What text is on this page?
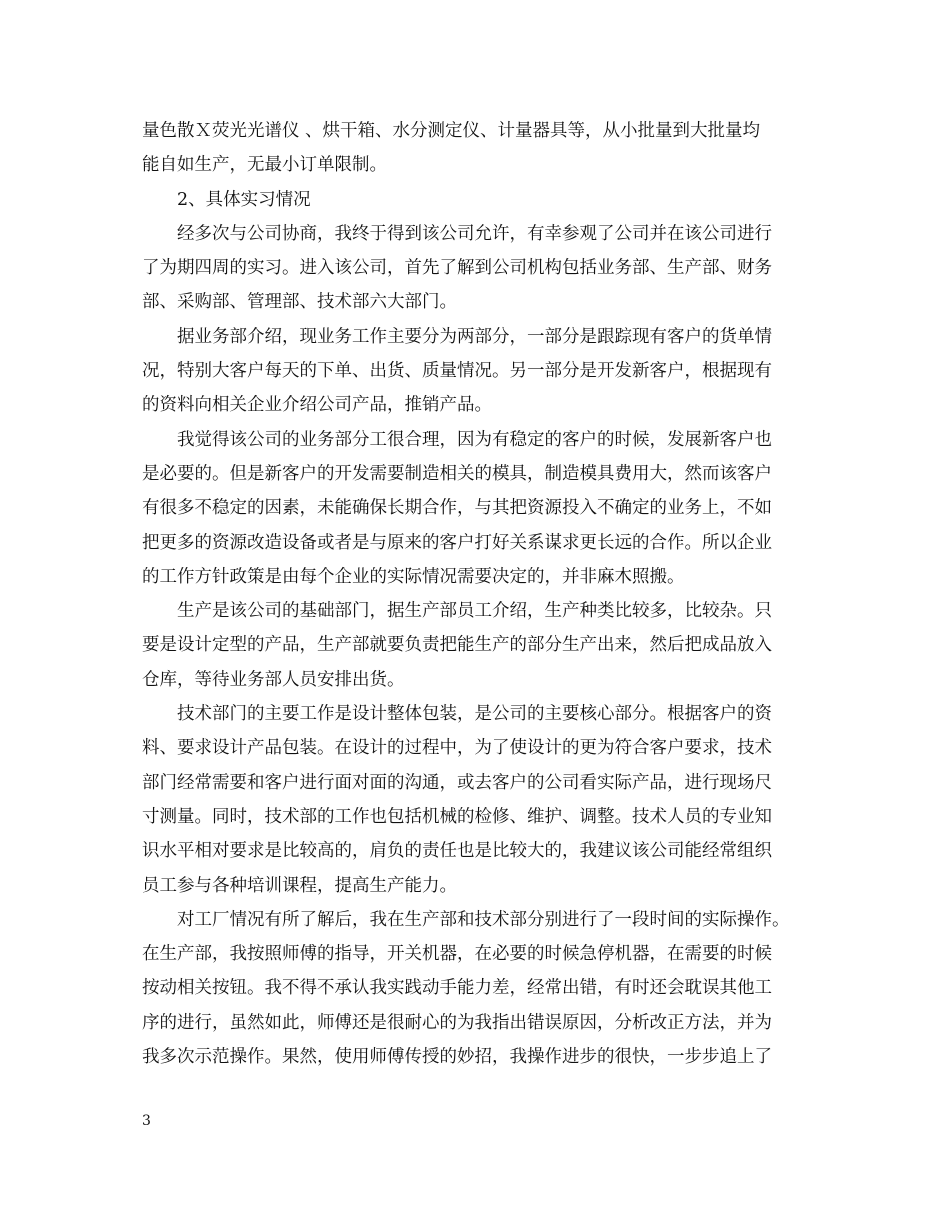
量色散Ｘ荧光光谱仪 、烘干箱、水分测定仪、计量器具等，从小批量到大批量均
能自如生产，无最小订单限制。
2、具体实习情况
经多次与公司协商，我终于得到该公司允许，有幸参观了公司并在该公司进行
了为期四周的实习。进入该公司，首先了解到公司机构包括业务部、生产部、财务
部、采购部、管理部、技术部六大部门。
据业务部介绍，现业务工作主要分为两部分，一部分是跟踪现有客户的货单情
况，特别大客户每天的下单、出货、质量情况。另一部分是开发新客户，根据现有
的资料向相关企业介绍公司产品，推销产品。
我觉得该公司的业务部分工很合理，因为有稳定的客户的时候，发展新客户也
是必要的。但是新客户的开发需要制造相关的模具，制造模具费用大，然而该客户
有很多不稳定的因素，未能确保长期合作，与其把资源投入不确定的业务上，不如
把更多的资源改造设备或者是与原来的客户打好关系谋求更长远的合作。所以企业
的工作方针政策是由每个企业的实际情况需要决定的，并非麻木照搬。
生产是该公司的基础部门，据生产部员工介绍，生产种类比较多，比较杂。只
要是设计定型的产品，生产部就要负责把能生产的部分生产出来，然后把成品放入
仓库，等待业务部人员安排出货。
技术部门的主要工作是设计整体包装，是公司的主要核心部分。根据客户的资
料、要求设计产品包装。在设计的过程中，为了使设计的更为符合客户要求，技术
部门经常需要和客户进行面对面的沟通，或去客户的公司看实际产品，进行现场尺
寸测量。同时，技术部的工作也包括机械的检修、维护、调整。技术人员的专业知
识水平相对要求是比较高的，肩负的责任也是比较大的，我建议该公司能经常组织
员工参与各种培训课程，提高生产能力。
对工厂情况有所了解后，我在生产部和技术部分别进行了一段时间的实际操作。
在生产部，我按照师傅的指导，开关机器，在必要的时候急停机器，在需要的时候
按动相关按钮。我不得不承认我实践动手能力差，经常出错，有时还会耽误其他工
序的进行，虽然如此，师傅还是很耐心的为我指出错误原因，分析改正方法，并为
我多次示范操作。果然，使用师傅传授的妙招，我操作进步的很快，一步步追上了
3
